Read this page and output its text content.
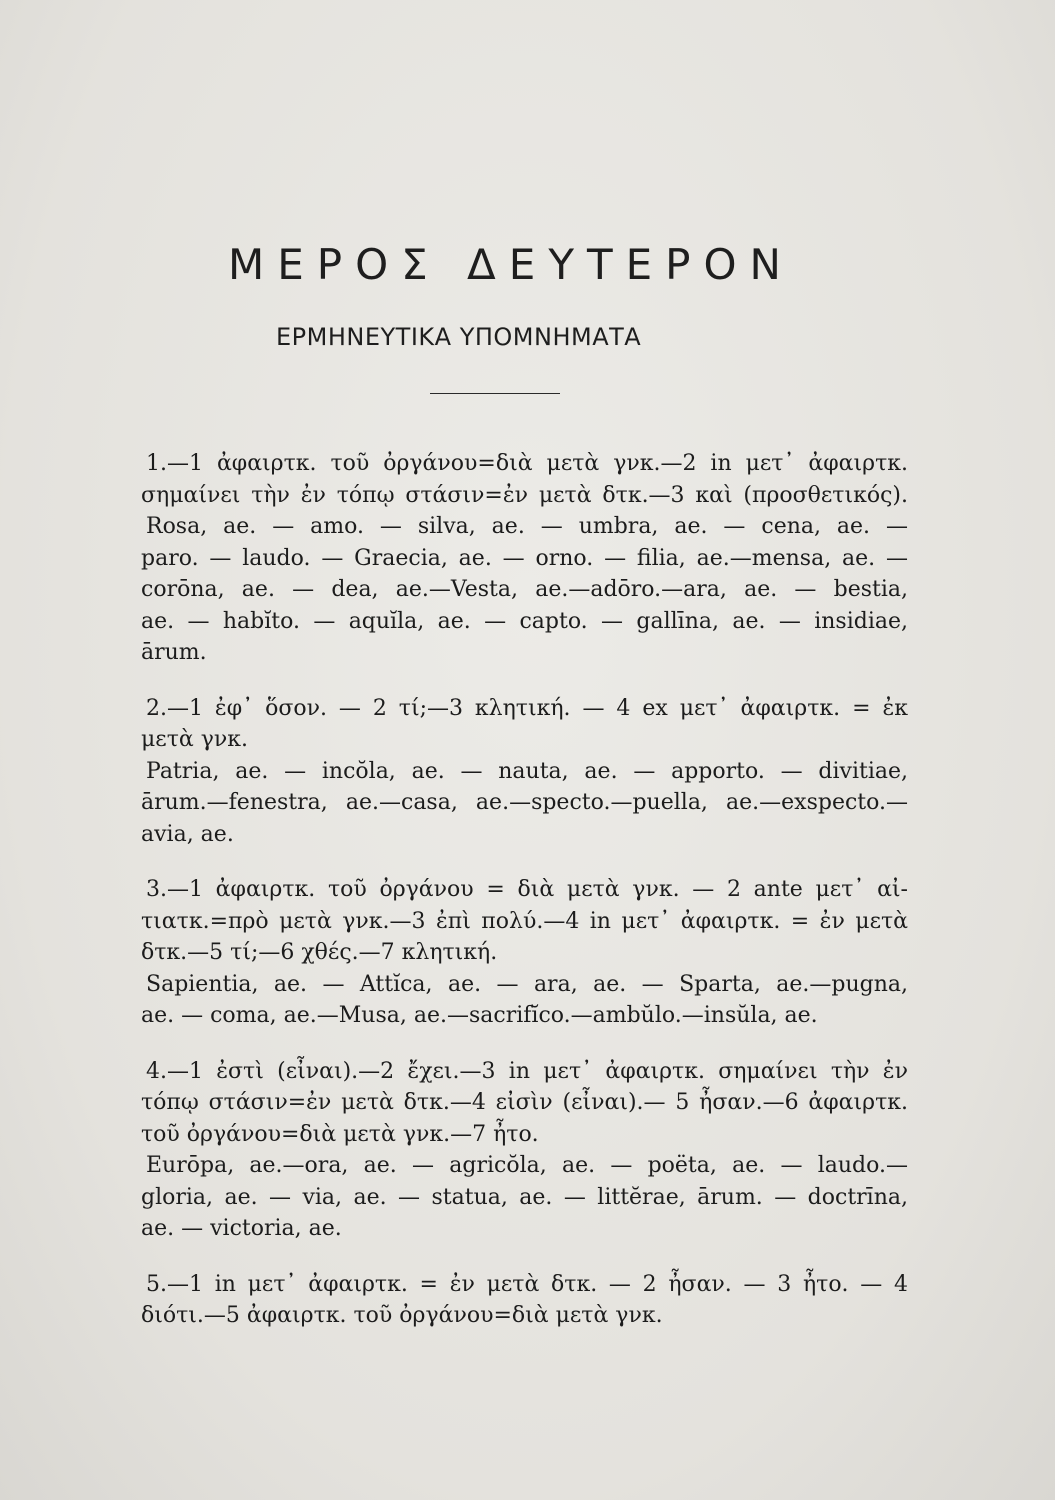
ΜΕΡΟΣ ΔΕΥΤΕΡΟΝ
ΕΡΜΗΝΕΥΤΙΚΑ ΥΠΟΜΝΗΜΑΤΑ
1.—1 ἀφαιρτκ. τοῦ ὀργάνου=διὰ μετὰ γνκ.—2 in μετ᾿ ἀφαιρτκ.
σημαίνει τὴν ἐν τόπῳ στάσιν=ἐν μετὰ δτκ.—3 καὶ (προσθετικός).
Rosa, ae. — amo. — silva, ae. — umbra, ae. — cena, ae. —
paro. — laudo. — Graecia, ae. — orno. — filia, ae.—mensa, ae. —
corōna, ae. — dea, ae.—Vesta, ae.—adōro.—ara, ae. — bestia,
ae. — habĭto. — aquĭla, ae. — capto. — gallīna, ae. — insidiae,
ārum.
2.—1 ἐφ᾿ ὅσον. — 2 τί;—3 κλητική. — 4 ex μετ᾿ ἀφαιρτκ. = ἐκ
μετὰ γνκ.
Patria, ae. — incŏla, ae. — nauta, ae. — apporto. — divitiae,
ārum.—fenestra, ae.—casa, ae.—specto.—puella, ae.—exspecto.—
avia, ae.
3.—1 ἀφαιρτκ. τοῦ ὀργάνου = διὰ μετὰ γνκ. — 2 ante μετ᾿ αἰ-
τιατκ.=πρὸ μετὰ γνκ.—3 ἐπὶ πολύ.—4 in μετ᾿ ἀφαιρτκ. = ἐν μετὰ
δτκ.—5 τί;—6 χθές.—7 κλητική.
Sapientia, ae. — Attĭca, ae. — ara, ae. — Sparta, ae.—pugna,
ae. — coma, ae.—Musa, ae.—sacrifĭco.—ambŭlo.—insŭla, ae.
4.—1 ἐστὶ (εἶναι).—2 ἔχει.—3 in μετ᾿ ἀφαιρτκ. σημαίνει τὴν ἐν
τόπῳ στάσιν=ἐν μετὰ δτκ.—4 εἰσὶν (εἶναι).— 5 ἦσαν.—6 ἀφαιρτκ.
τοῦ ὀργάνου=διὰ μετὰ γνκ.—7 ἦτο.
Eurōpa, ae.—ora, ae. — agricŏla, ae. — poëta, ae. — laudo.—
gloria, ae. — via, ae. — statua, ae. — littĕrae, ārum. — doctrīna,
ae. — victoria, ae.
5.—1 in μετ᾿ ἀφαιρτκ. = ἐν μετὰ δτκ. — 2 ἦσαν. — 3 ἦτο. — 4
διότι.—5 ἀφαιρτκ. τοῦ ὀργάνου=διὰ μετὰ γνκ.
